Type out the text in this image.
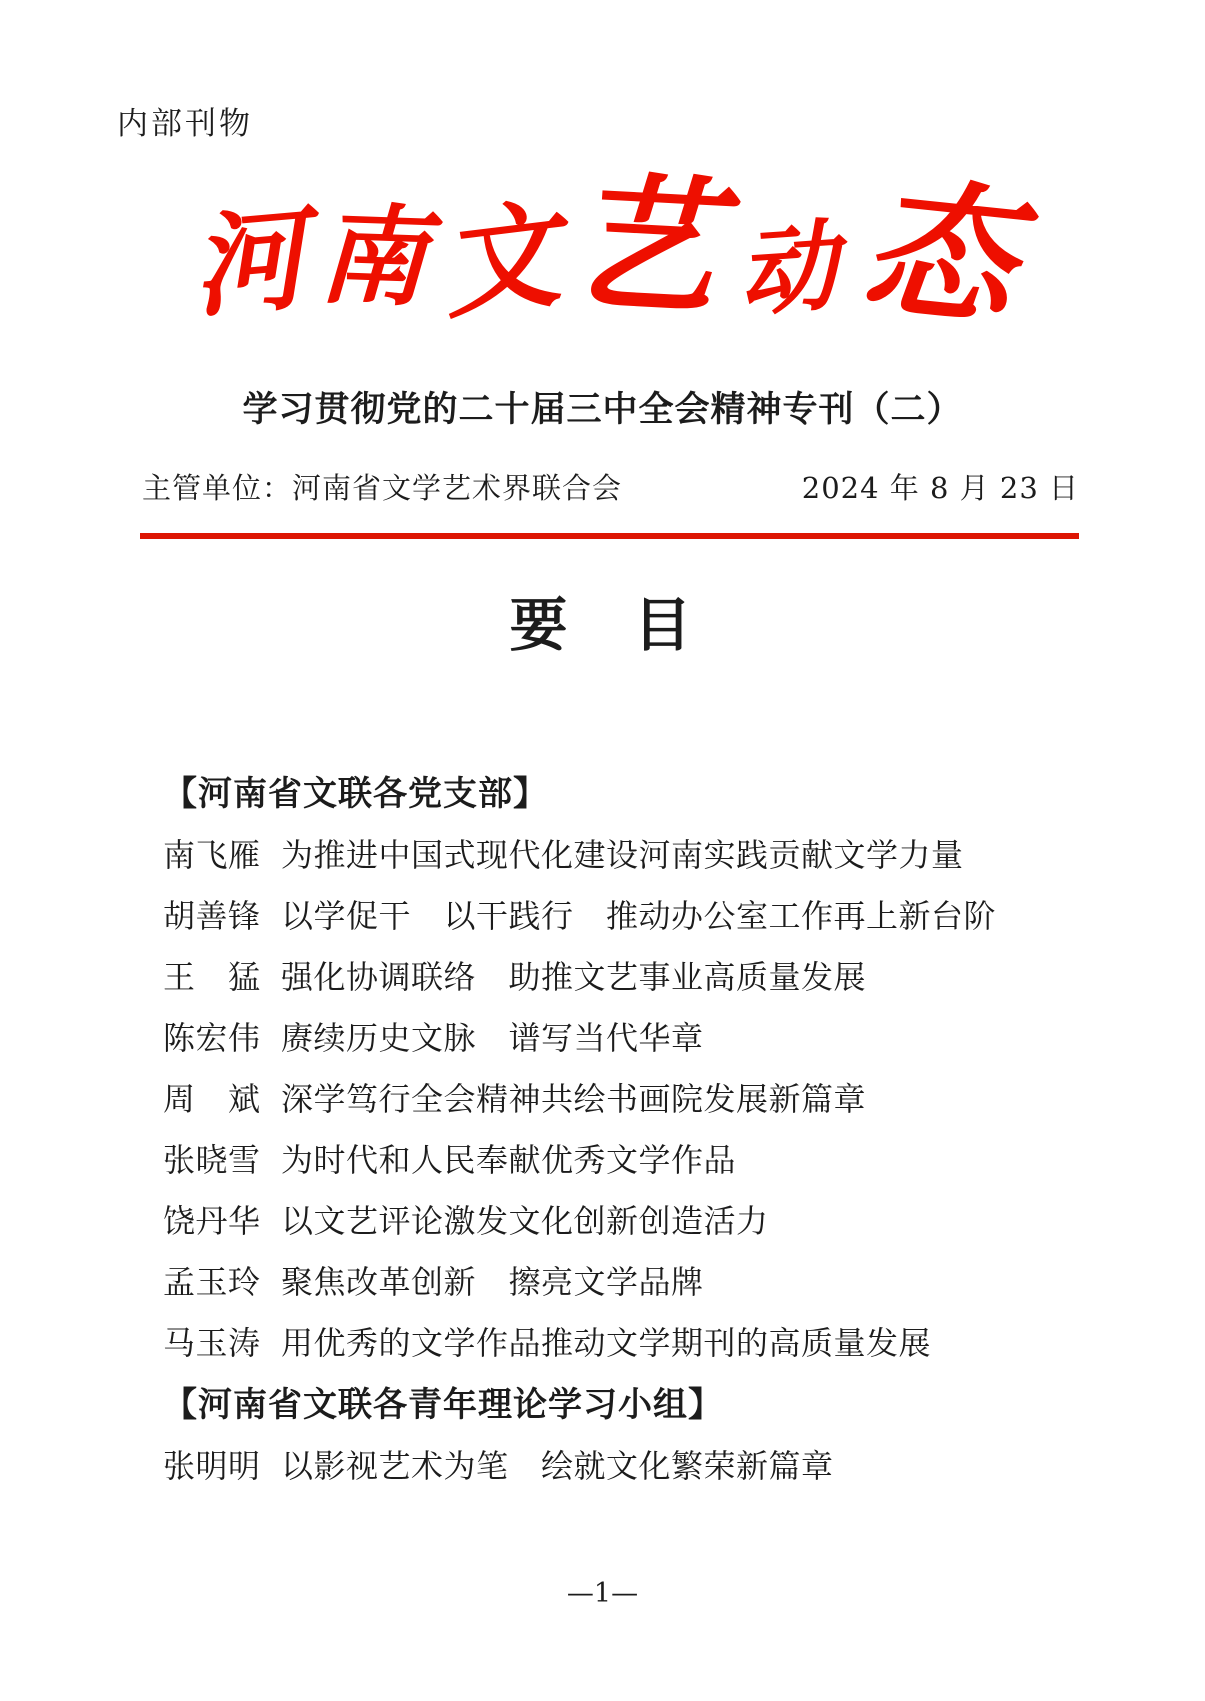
内部刊物
河 南 文
艺 动 态
学习贯彻党的二十届三中全会精神专刊（二）
主管单位：河南省文学艺术界联合会	2024 年 8 月 23 日
要　目
【河南省文联各党支部】
南飞雁 为推进中国式现代化建设河南实践贡献文学力量
胡善锋 以学促干　以干践行　推动办公室工作再上新台阶
王　猛 强化协调联络　助推文艺事业高质量发展
陈宏伟 赓续历史文脉　谱写当代华章
周　斌 深学笃行全会精神共绘书画院发展新篇章
张晓雪 为时代和人民奉献优秀文学作品
饶丹华 以文艺评论激发文化创新创造活力
孟玉玲 聚焦改革创新　擦亮文学品牌
马玉涛 用优秀的文学作品推动文学期刊的高质量发展
【河南省文联各青年理论学习小组】
张明明 以影视艺术为笔　绘就文化繁荣新篇章
—1—
